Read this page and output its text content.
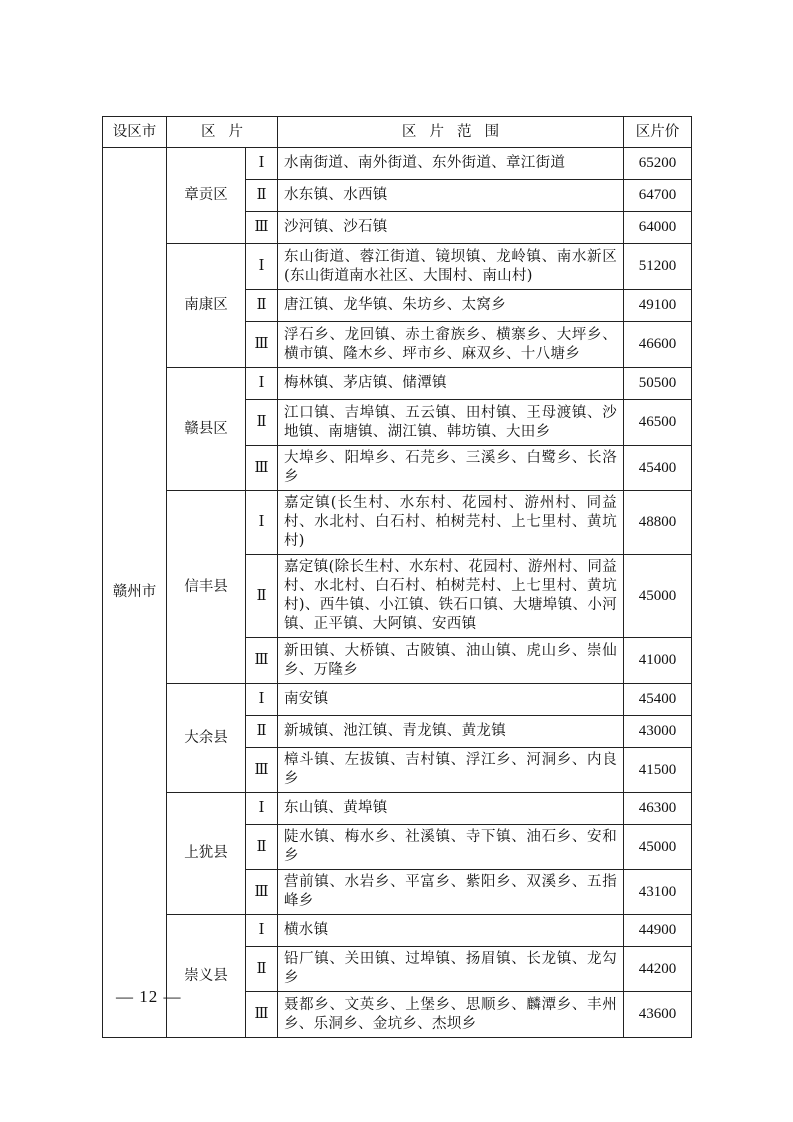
设区市	区片		区片范围	区片价
赣州市	章贡区	Ⅰ	水南街道、南外街道、东外街道、章江街道	65200
		Ⅱ	水东镇、水西镇	64700
		Ⅲ	沙河镇、沙石镇	64000
	南康区	Ⅰ	东山街道、蓉江街道、镜坝镇、龙岭镇、南水新区(东山街道南水社区、大围村、南山村)	51200
		Ⅱ	唐江镇、龙华镇、朱坊乡、太窝乡	49100
		Ⅲ	浮石乡、龙回镇、赤土畲族乡、横寨乡、大坪乡、横市镇、隆木乡、坪市乡、麻双乡、十八塘乡	46600
	赣县区	Ⅰ	梅林镇、茅店镇、储潭镇	50500
		Ⅱ	江口镇、吉埠镇、五云镇、田村镇、王母渡镇、沙地镇、南塘镇、湖江镇、韩坊镇、大田乡	46500
		Ⅲ	大埠乡、阳埠乡、石芫乡、三溪乡、白鹭乡、长洛乡	45400
	信丰县	Ⅰ	嘉定镇(长生村、水东村、花园村、游州村、同益村、水北村、白石村、柏树芫村、上七里村、黄坑村)	48800
		Ⅱ	嘉定镇(除长生村、水东村、花园村、游州村、同益村、水北村、白石村、柏树芫村、上七里村、黄坑村)、西牛镇、小江镇、铁石口镇、大塘埠镇、小河镇、正平镇、大阿镇、安西镇	45000
		Ⅲ	新田镇、大桥镇、古陂镇、油山镇、虎山乡、崇仙乡、万隆乡	41000
	大余县	Ⅰ	南安镇	45400
		Ⅱ	新城镇、池江镇、青龙镇、黄龙镇	43000
		Ⅲ	樟斗镇、左拔镇、吉村镇、浮江乡、河洞乡、内良乡	41500
	上犹县	Ⅰ	东山镇、黄埠镇	46300
		Ⅱ	陡水镇、梅水乡、社溪镇、寺下镇、油石乡、安和乡	45000
		Ⅲ	营前镇、水岩乡、平富乡、紫阳乡、双溪乡、五指峰乡	43100
	崇义县	Ⅰ	横水镇	44900
		Ⅱ	铅厂镇、关田镇、过埠镇、扬眉镇、长龙镇、龙勾乡	44200
		Ⅲ	聂都乡、文英乡、上堡乡、思顺乡、麟潭乡、丰州乡、乐洞乡、金坑乡、杰坝乡	43600
— 12 —
